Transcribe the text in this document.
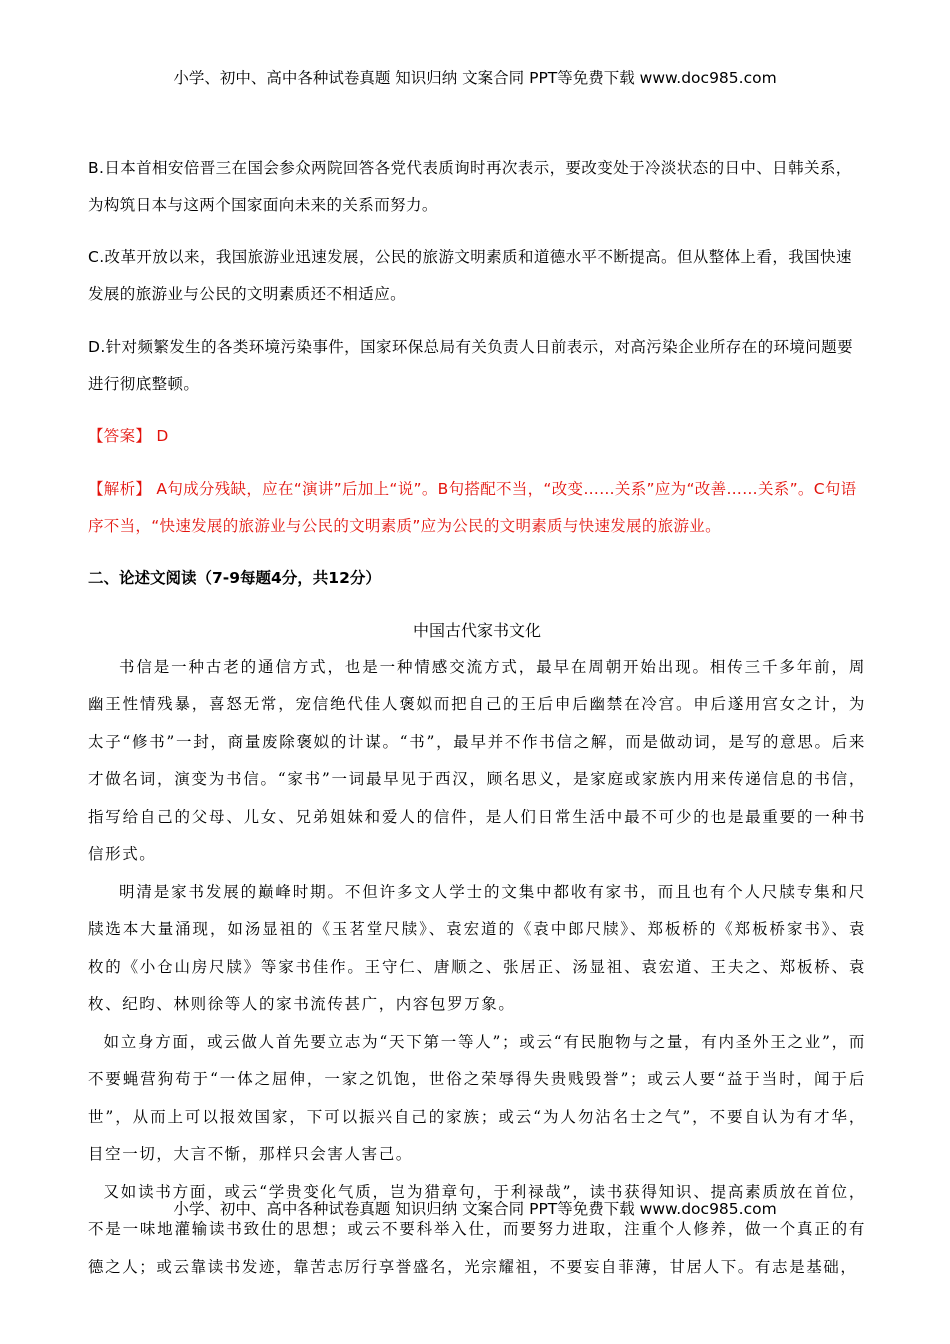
小学、初中、高中各种试卷真题 知识归纳 文案合同 PPT等免费下载 www.doc985.com

B.日本首相安倍晋三在国会参众两院回答各党代表质询时再次表示，要改变处于冷淡状态的日中、日韩关系，为构筑日本与这两个国家面向未来的关系而努力。

C.改革开放以来，我国旅游业迅速发展，公民的旅游文明素质和道德水平不断提高。但从整体上看，我国快速发展的旅游业与公民的文明素质还不相适应。

D.针对频繁发生的各类环境污染事件，国家环保总局有关负责人日前表示，对高污染企业所存在的环境问题要进行彻底整顿。

【答案】 D

【解析】 A句成分残缺，应在“演讲”后加上“说”。B句搭配不当，“改变……关系”应为“改善……关系”。C句语序不当，“快速发展的旅游业与公民的文明素质”应为公民的文明素质与快速发展的旅游业。

二、论述文阅读（7-9每题4分，共12分）

中国古代家书文化

书信是一种古老的通信方式，也是一种情感交流方式，最早在周朝开始出现。相传三千多年前，周幽王性情残暴，喜怒无常，宠信绝代佳人褒姒而把自己的王后申后幽禁在冷宫。申后遂用宫女之计，为太子“修书”一封，商量废除褒姒的计谋。“书”，最早并不作书信之解，而是做动词，是写的意思。后来才做名词，演变为书信。“家书”一词最早见于西汉，顾名思义，是家庭或家族内用来传递信息的书信，指写给自己的父母、儿女、兄弟姐妹和爱人的信件，是人们日常生活中最不可少的也是最重要的一种书信形式。

明清是家书发展的巅峰时期。不但许多文人学士的文集中都收有家书，而且也有个人尺牍专集和尺牍选本大量涌现，如汤显祖的《玉茗堂尺牍》、袁宏道的《袁中郎尺牍》、郑板桥的《郑板桥家书》、袁枚的《小仓山房尺牍》等家书佳作。王守仁、唐顺之、张居正、汤显祖、袁宏道、王夫之、郑板桥、袁枚、纪昀、林则徐等人的家书流传甚广，内容包罗万象。

如立身方面，或云做人首先要立志为“天下第一等人”；或云“有民胞物与之量，有内圣外王之业”，而不要蝇营狗苟于“一体之屈伸，一家之饥饱，世俗之荣辱得失贵贱毁誉”；或云人要“益于当时，闻于后世”，从而上可以报效国家，下可以振兴自己的家族；或云“为人勿沾名士之气”，不要自认为有才华，目空一切，大言不惭，那样只会害人害己。

又如读书方面，或云“学贵变化气质，岂为猎章句，于利禄哉”，读书获得知识、提高素质放在首位，不是一味地灌输读书致仕的思想；或云不要科举入仕，而要努力进取，注重个人修养，做一个真正的有德之人；或云靠读书发迹，靠苦志厉行享誉盛名，光宗耀祖，不要妄自菲薄，甘居人下。有志是基础，

小学、初中、高中各种试卷真题 知识归纳 文案合同 PPT等免费下载 www.doc985.com
